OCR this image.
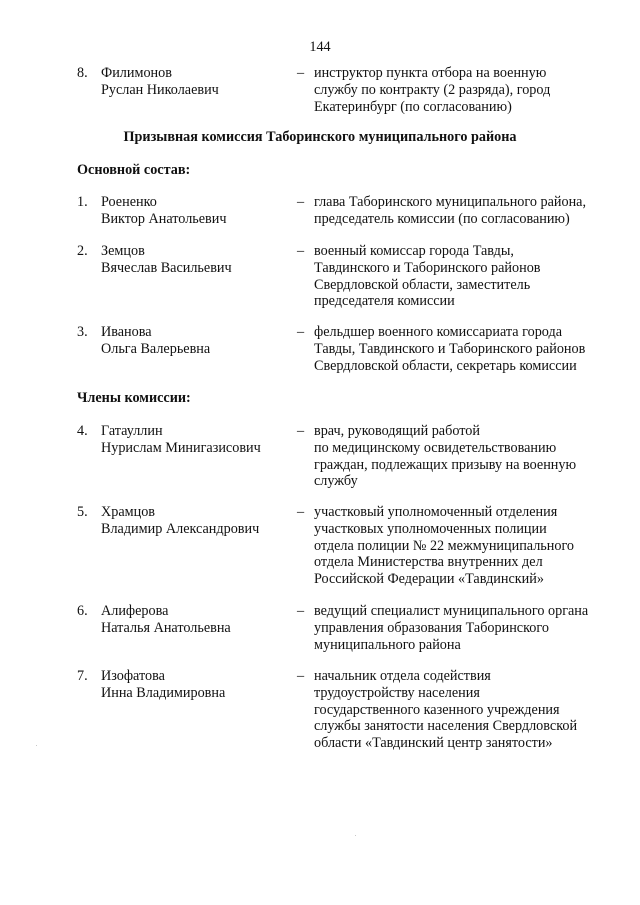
144
8. Филимонов
Руслан Николаевич
– инструктор пункта отбора на военную
службу по контракту (2 разряда), город
Екатеринбург (по согласованию)
Призывная комиссия Таборинского муниципального района
Основной состав:
1. Роененко
Виктор Анатольевич
– глава Таборинского муниципального района,
председатель комиссии (по согласованию)
2. Земцов
Вячеслав Васильевич
– военный комиссар города Тавды,
Тавдинского и Таборинского районов
Свердловской области, заместитель
председателя комиссии
3. Иванова
Ольга Валерьевна
– фельдшер военного комиссариата города
Тавды, Тавдинского и Таборинского районов
Свердловской области, секретарь комиссии
Члены комиссии:
4. Гатауллин
Нурислам Минигазисович
– врач, руководящий работой
по медицинскому освидетельствованию
граждан, подлежащих призыву на военную
службу
5. Храмцов
Владимир Александрович
– участковый уполномоченный отделения
участковых уполномоченных полиции
отдела полиции № 22 межмуниципального
отдела Министерства внутренних дел
Российской Федерации «Тавдинский»
6. Алиферова
Наталья Анатольевна
– ведущий специалист муниципального органа
управления образования Таборинского
муниципального района
7. Изофатова
Инна Владимировна
– начальник отдела содействия
трудоустройству населения
государственного казенного учреждения
службы занятости населения Свердловской
области «Тавдинский центр занятости»
